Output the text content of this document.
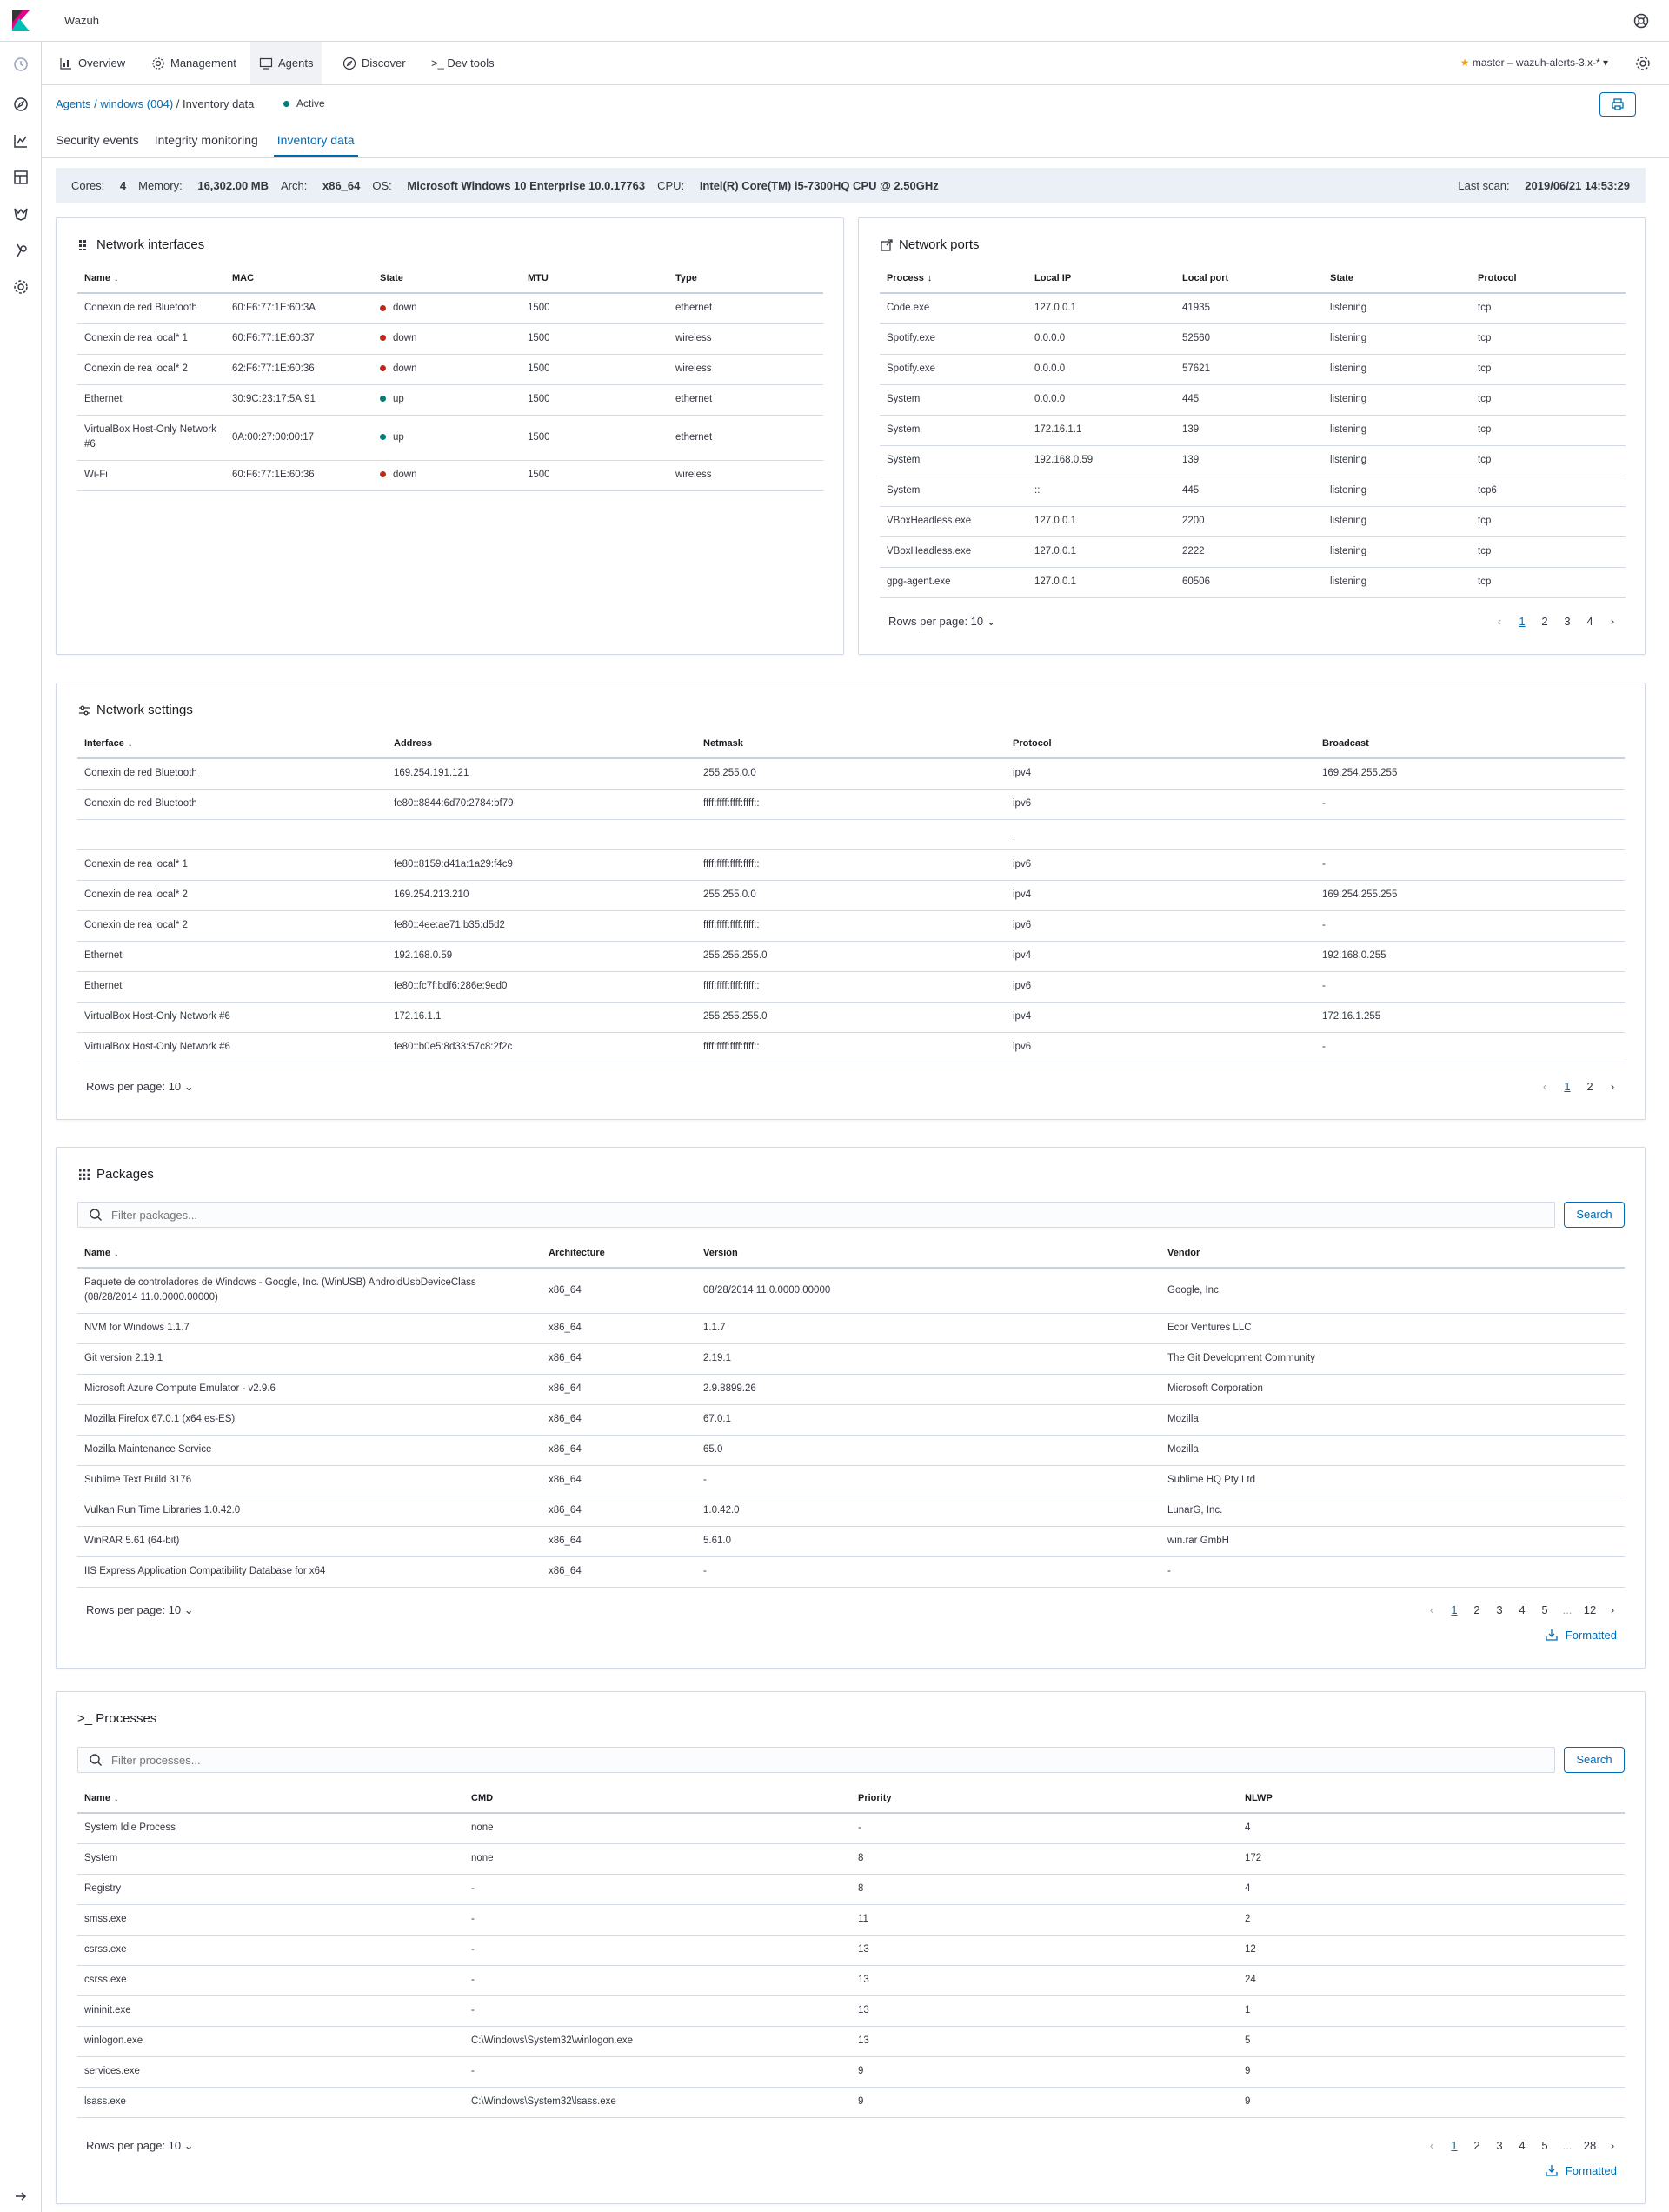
Wazuh
Overview	Management	Agents	Discover >_ Dev tools	★ master – wazuh-alerts-3.x-* ▾
Agents / windows (004) / Inventory data	Active
Security events Integrity monitoring Inventory data
Cores: 4 Memory: 16,302.00 MB Arch: x86_64 OS: Microsoft Windows 10 Enterprise 10.0.17763 CPU: Intel(R) Core(TM) i5-7300HQ CPU @ 2.50GHz	Last scan: 2019/06/21 14:53:29
Network interfaces
Name ↓	MAC	State	MTU	Type
Conexin de red Bluetooth	60:F6:77:1E:60:3A	down	1500	ethernet
Conexin de rea local* 1	60:F6:77:1E:60:37	down	1500	wireless
Conexin de rea local* 2	62:F6:77:1E:60:36	down	1500	wireless
Ethernet	30:9C:23:17:5A:91	up	1500	ethernet
VirtualBox Host-Only Network #6	0A:00:27:00:00:17	up	1500	ethernet
Wi-Fi	60:F6:77:1E:60:36	down	1500	wireless
Network ports
Process ↓	Local IP	Local port	State	Protocol
Code.exe	127.0.0.1	41935	listening	tcp
Spotify.exe	0.0.0.0	52560	listening	tcp
Spotify.exe	0.0.0.0	57621	listening	tcp
System	0.0.0.0	445	listening	tcp
System	172.16.1.1	139	listening	tcp
System	192.168.0.59	139	listening	tcp
System	::	445	listening	tcp6
VBoxHeadless.exe	127.0.0.1	2200	listening	tcp
VBoxHeadless.exe	127.0.0.1	2222	listening	tcp
gpg-agent.exe	127.0.0.1	60506	listening	tcp
Rows per page: 10 ⌄	‹	1	2	3	4	›
Network settings
Interface ↓	Address	Netmask	Protocol	Broadcast
Conexin de red Bluetooth	169.254.191.121	255.255.0.0	ipv4	169.254.255.255
Conexin de red Bluetooth	fe80::8844:6d70:2784:bf79	ffff:ffff:ffff:ffff::	ipv6	-
			.	
Conexin de rea local* 1	fe80::8159:d41a:1a29:f4c9	ffff:ffff:ffff:ffff::	ipv6	-
Conexin de rea local* 2	169.254.213.210	255.255.0.0	ipv4	169.254.255.255
Conexin de rea local* 2	fe80::4ee:ae71:b35:d5d2	ffff:ffff:ffff:ffff::	ipv6	-
Ethernet	192.168.0.59	255.255.255.0	ipv4	192.168.0.255
Ethernet	fe80::fc7f:bdf6:286e:9ed0	ffff:ffff:ffff:ffff::	ipv6	-
VirtualBox Host-Only Network #6	172.16.1.1	255.255.255.0	ipv4	172.16.1.255
VirtualBox Host-Only Network #6	fe80::b0e5:8d33:57c8:2f2c	ffff:ffff:ffff:ffff::	ipv6	-
Rows per page: 10 ⌄	‹	1	2	›
Packages
Filter packages...
Search
Name ↓	Architecture	Version	Vendor
Paquete de controladores de Windows - Google, Inc. (WinUSB) AndroidUsbDeviceClass (08/28/2014 11.0.0000.00000)	x86_64	08/28/2014 11.0.0000.00000	Google, Inc.
NVM for Windows 1.1.7	x86_64	1.1.7	Ecor Ventures LLC
Git version 2.19.1	x86_64	2.19.1	The Git Development Community
Microsoft Azure Compute Emulator - v2.9.6	x86_64	2.9.8899.26	Microsoft Corporation
Mozilla Firefox 67.0.1 (x64 es-ES)	x86_64	67.0.1	Mozilla
Mozilla Maintenance Service	x86_64	65.0	Mozilla
Sublime Text Build 3176	x86_64	-	Sublime HQ Pty Ltd
Vulkan Run Time Libraries 1.0.42.0	x86_64	1.0.42.0	LunarG, Inc.
WinRAR 5.61 (64-bit)	x86_64	5.61.0	win.rar GmbH
IIS Express Application Compatibility Database for x64	x86_64	-	-
Rows per page: 10 ⌄	‹	1	2	3	4	5	...	12	›
Formatted
>_ Processes
Filter processes...
Search
Name ↓	CMD	Priority	NLWP
System Idle Process	none	-	4
System	none	8	172
Registry	-	8	4
smss.exe	-	11	2
csrss.exe	-	13	12
csrss.exe	-	13	24
wininit.exe	-	13	1
winlogon.exe	C:\Windows\System32\winlogon.exe	13	5
services.exe	-	9	9
lsass.exe	C:\Windows\System32\lsass.exe	9	9
Rows per page: 10 ⌄	‹	1	2	3	4	5	...	28	›
Formatted
